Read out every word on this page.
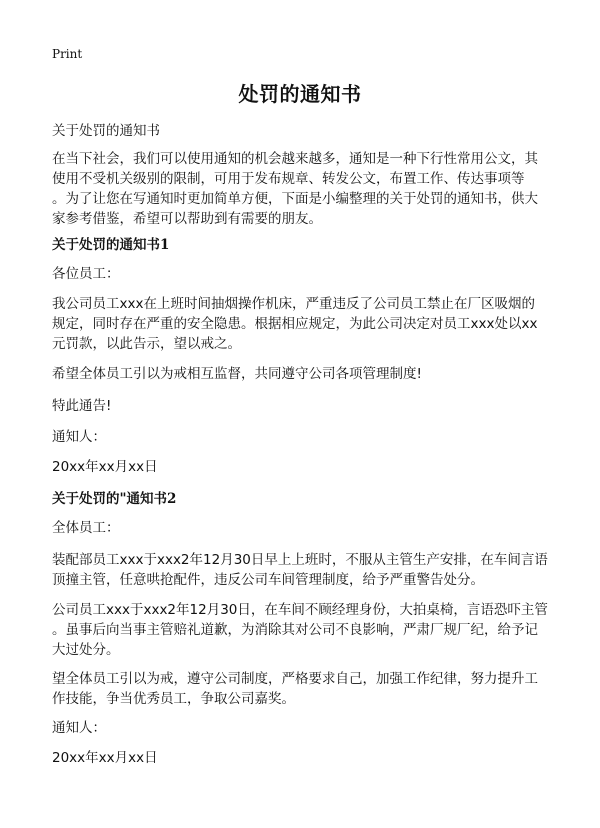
Print
处罚的通知书
关于处罚的通知书
在当下社会，我们可以使用通知的机会越来越多，通知是一种下行性常用公文，其
使用不受机关级别的限制，可用于发布规章、转发公文，布置工作、传达事项等
。为了让您在写通知时更加简单方便，下面是小编整理的关于处罚的通知书，供大
家参考借鉴，希望可以帮助到有需要的朋友。
关于处罚的通知书1
各位员工：
我公司员工xxx在上班时间抽烟操作机床，严重违反了公司员工禁止在厂区吸烟的
规定，同时存在严重的安全隐患。根据相应规定，为此公司决定对员工xxx处以xx
元罚款，以此告示，望以戒之。
希望全体员工引以为戒相互监督，共同遵守公司各项管理制度!
特此通告!
通知人：
20xx年xx月xx日
关于处罚的"通知书2
全体员工：
装配部员工xxx于xxx2年12月30日早上上班时，不服从主管生产安排，在车间言语
顶撞主管，任意哄抢配件，违反公司车间管理制度，给予严重警告处分。
公司员工xxx于xxx2年12月30日，在车间不顾经理身份，大拍桌椅，言语恐吓主管
。虽事后向当事主管赔礼道歉，为消除其对公司不良影响，严肃厂规厂纪，给予记
大过处分。
望全体员工引以为戒，遵守公司制度，严格要求自己，加强工作纪律，努力提升工
作技能，争当优秀员工，争取公司嘉奖。
通知人：
20xx年xx月xx日
